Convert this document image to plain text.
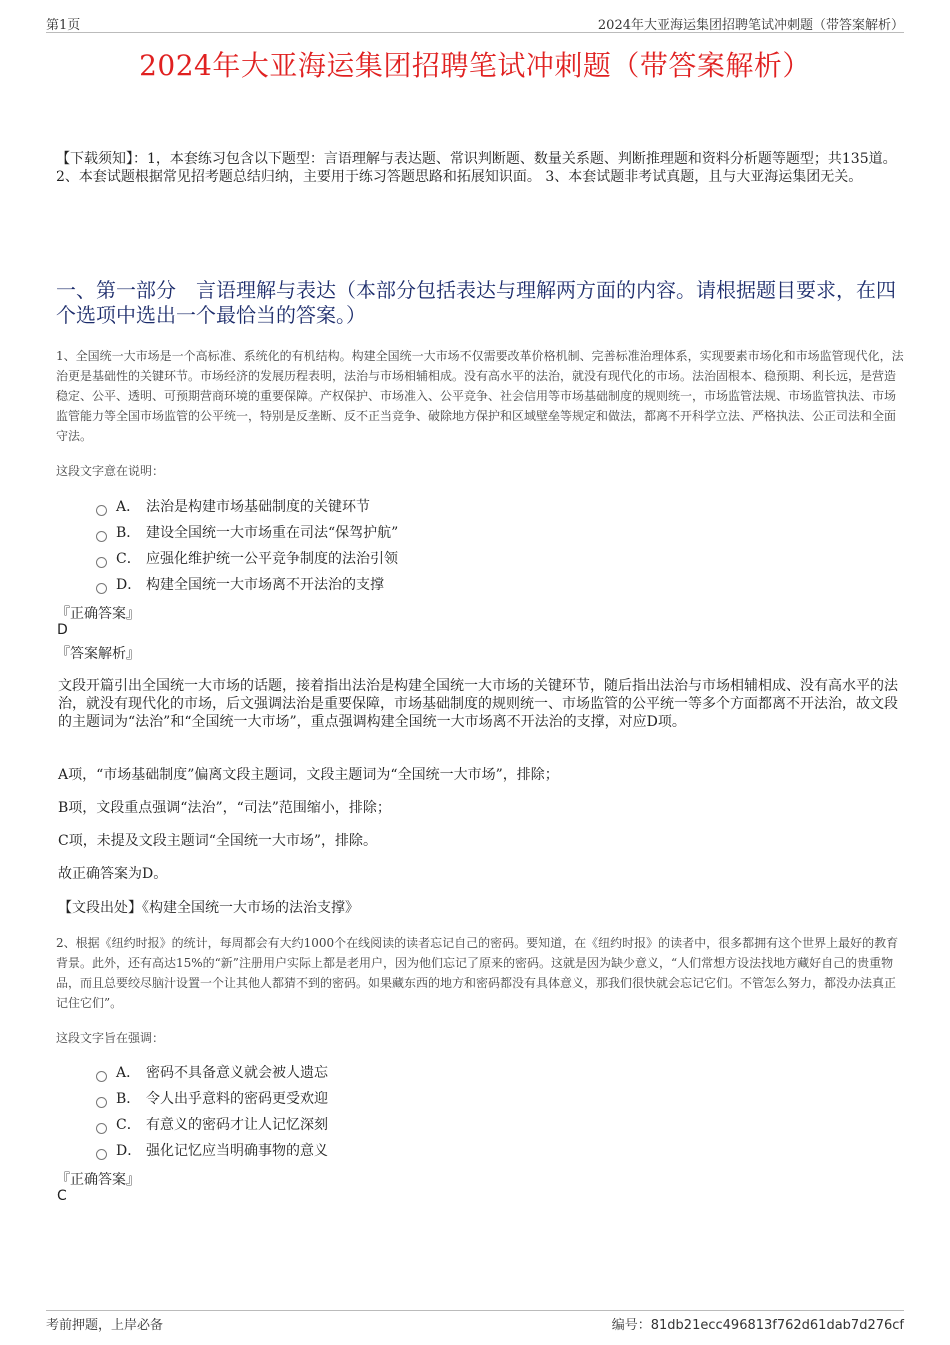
第1页	2024年大亚海运集团招聘笔试冲刺题（带答案解析）
2024年大亚海运集团招聘笔试冲刺题（带答案解析）
【下载须知】：1，本套练习包含以下题型：言语理解与表达题、常识判断题、数量关系题、判断推理题和资料分析题等题型；共135道。 2、本套试题根据常见招考题总结归纳，主要用于练习答题思路和拓展知识面。 3、本套试题非考试真题，且与大亚海运集团无关。
一、第一部分　言语理解与表达（本部分包括表达与理解两方面的内容。请根据题目要求，在四个选项中选出一个最恰当的答案。）
1、全国统一大市场是一个高标准、系统化的有机结构。构建全国统一大市场不仅需要改革价格机制、完善标准治理体系，实现要素市场化和市场监管现代化，法治更是基础性的关键环节。市场经济的发展历程表明，法治与市场相辅相成。没有高水平的法治，就没有现代化的市场。法治固根本、稳预期、利长远，是营造稳定、公平、透明、可预期营商环境的重要保障。产权保护、市场准入、公平竞争、社会信用等市场基础制度的规则统一，市场监管法规、市场监管执法、市场监管能力等全国市场监管的公平统一，特别是反垄断、反不正当竞争、破除地方保护和区域壁垒等规定和做法，都离不开科学立法、严格执法、公正司法和全面守法。
这段文字意在说明：
A． 法治是构建市场基础制度的关键环节
B． 建设全国统一大市场重在司法“保驾护航”
C． 应强化维护统一公平竞争制度的法治引领
D． 构建全国统一大市场离不开法治的支撑
『正确答案』
D
『答案解析』
文段开篇引出全国统一大市场的话题，接着指出法治是构建全国统一大市场的关键环节，随后指出法治与市场相辅相成、没有高水平的法治，就没有现代化的市场，后文强调法治是重要保障，市场基础制度的规则统一、市场监管的公平统一等多个方面都离不开法治，故文段的主题词为“法治”和“全国统一大市场”，重点强调构建全国统一大市场离不开法治的支撑，对应D项。
A项，“市场基础制度”偏离文段主题词，文段主题词为“全国统一大市场”，排除；
B项，文段重点强调“法治”，“司法”范围缩小，排除；
C项，未提及文段主题词“全国统一大市场”，排除。
故正确答案为D。
【文段出处】《构建全国统一大市场的法治支撑》
2、根据《纽约时报》的统计，每周都会有大约1000个在线阅读的读者忘记自己的密码。要知道，在《纽约时报》的读者中，很多都拥有这个世界上最好的教育背景。此外，还有高达15%的“新”注册用户实际上都是老用户，因为他们忘记了原来的密码。这就是因为缺少意义，“人们常想方设法找地方藏好自己的贵重物品，而且总要绞尽脑汁设置一个让其他人都猜不到的密码。如果藏东西的地方和密码都没有具体意义，那我们很快就会忘记它们。不管怎么努力，都没办法真正记住它们”。
这段文字旨在强调：
A． 密码不具备意义就会被人遗忘
B． 令人出乎意料的密码更受欢迎
C． 有意义的密码才让人记忆深刻
D． 强化记忆应当明确事物的意义
『正确答案』
C
考前押题，上岸必备	编号：81db21ecc496813f762d61dab7d276cf
